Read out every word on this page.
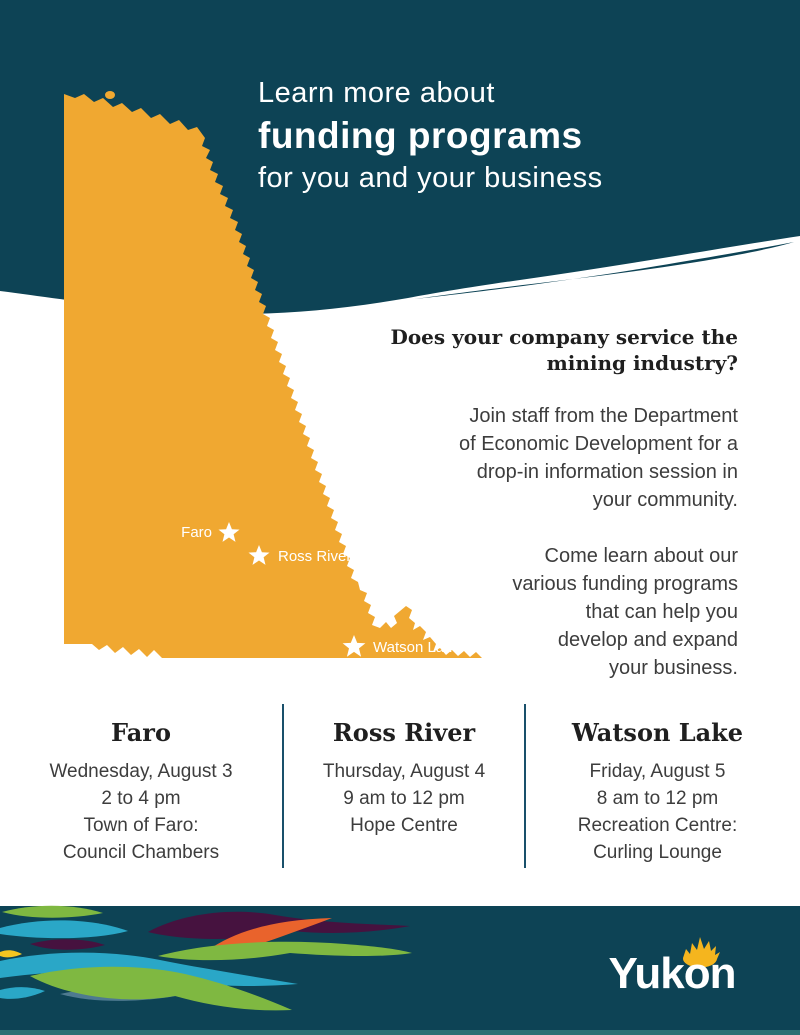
Yukon
Learn more about
funding programs
for you and your business
Faro
Ross River
Watson Lake
Does your company service the
mining industry?

Join staff from the Department
of Economic Development for a
drop-in information session in
your community.

Come learn about our
various funding programs
that can help you
develop and expand
your business.

Faro
Wednesday, August 3
2 to 4 pm
Town of Faro:
Council Chambers
Ross River
Thursday, August 4
9 am to 12 pm
Hope Centre
Watson Lake
Friday, August 5
8 am to 12 pm
Recreation Centre:
Curling Lounge
